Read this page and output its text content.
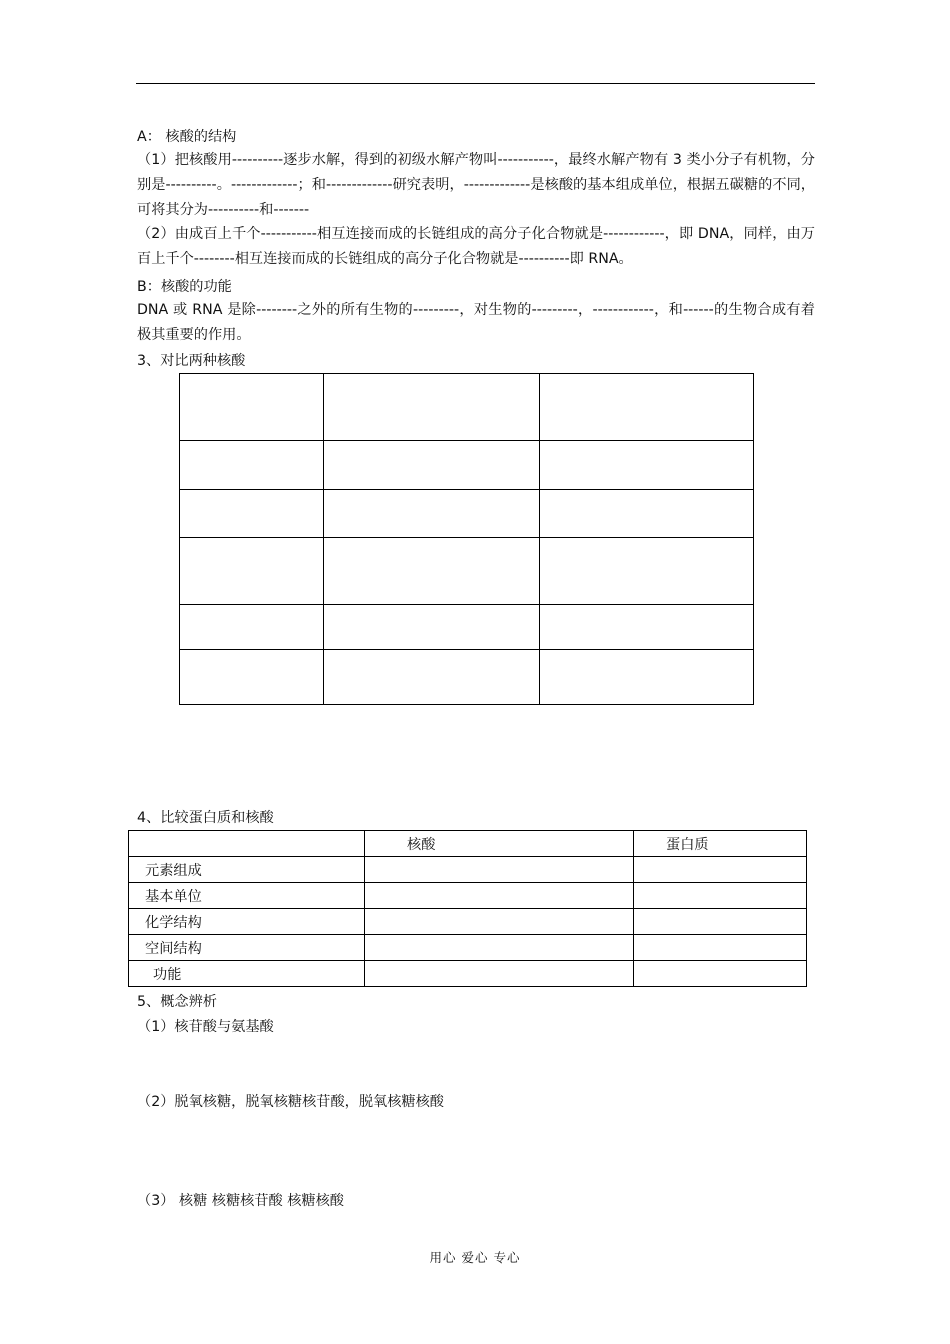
A： 核酸的结构

（1）把核酸用----------逐步水解，得到的初级水解产物叫-----------，最终水解产物有 3 类小分子有机物，分别是----------。-------------；和-------------研究表明，-------------是核酸的基本组成单位，根据五碳糖的不同，可将其分为----------和-------

（2）由成百上千个-----------相互连接而成的长链组成的高分子化合物就是------------，即 DNA，同样，由万百上千个--------相互连接而成的长链组成的高分子化合物就是----------即 RNA。

B：核酸的功能

DNA 或 RNA 是除--------之外的所有生物的---------，对生物的---------，------------，和------的生物合成有着极其重要的作用。

3、对比两种核酸

4、比较蛋白质和核酸

	核酸	蛋白质
元素组成		
基本单位		
化学结构		
空间结构		
功能		

5、概念辨析

（1）核苷酸与氨基酸

（2）脱氧核糖，脱氧核糖核苷酸，脱氧核糖核酸

（3） 核糖 核糖核苷酸 核糖核酸

用心 爱心 专心
